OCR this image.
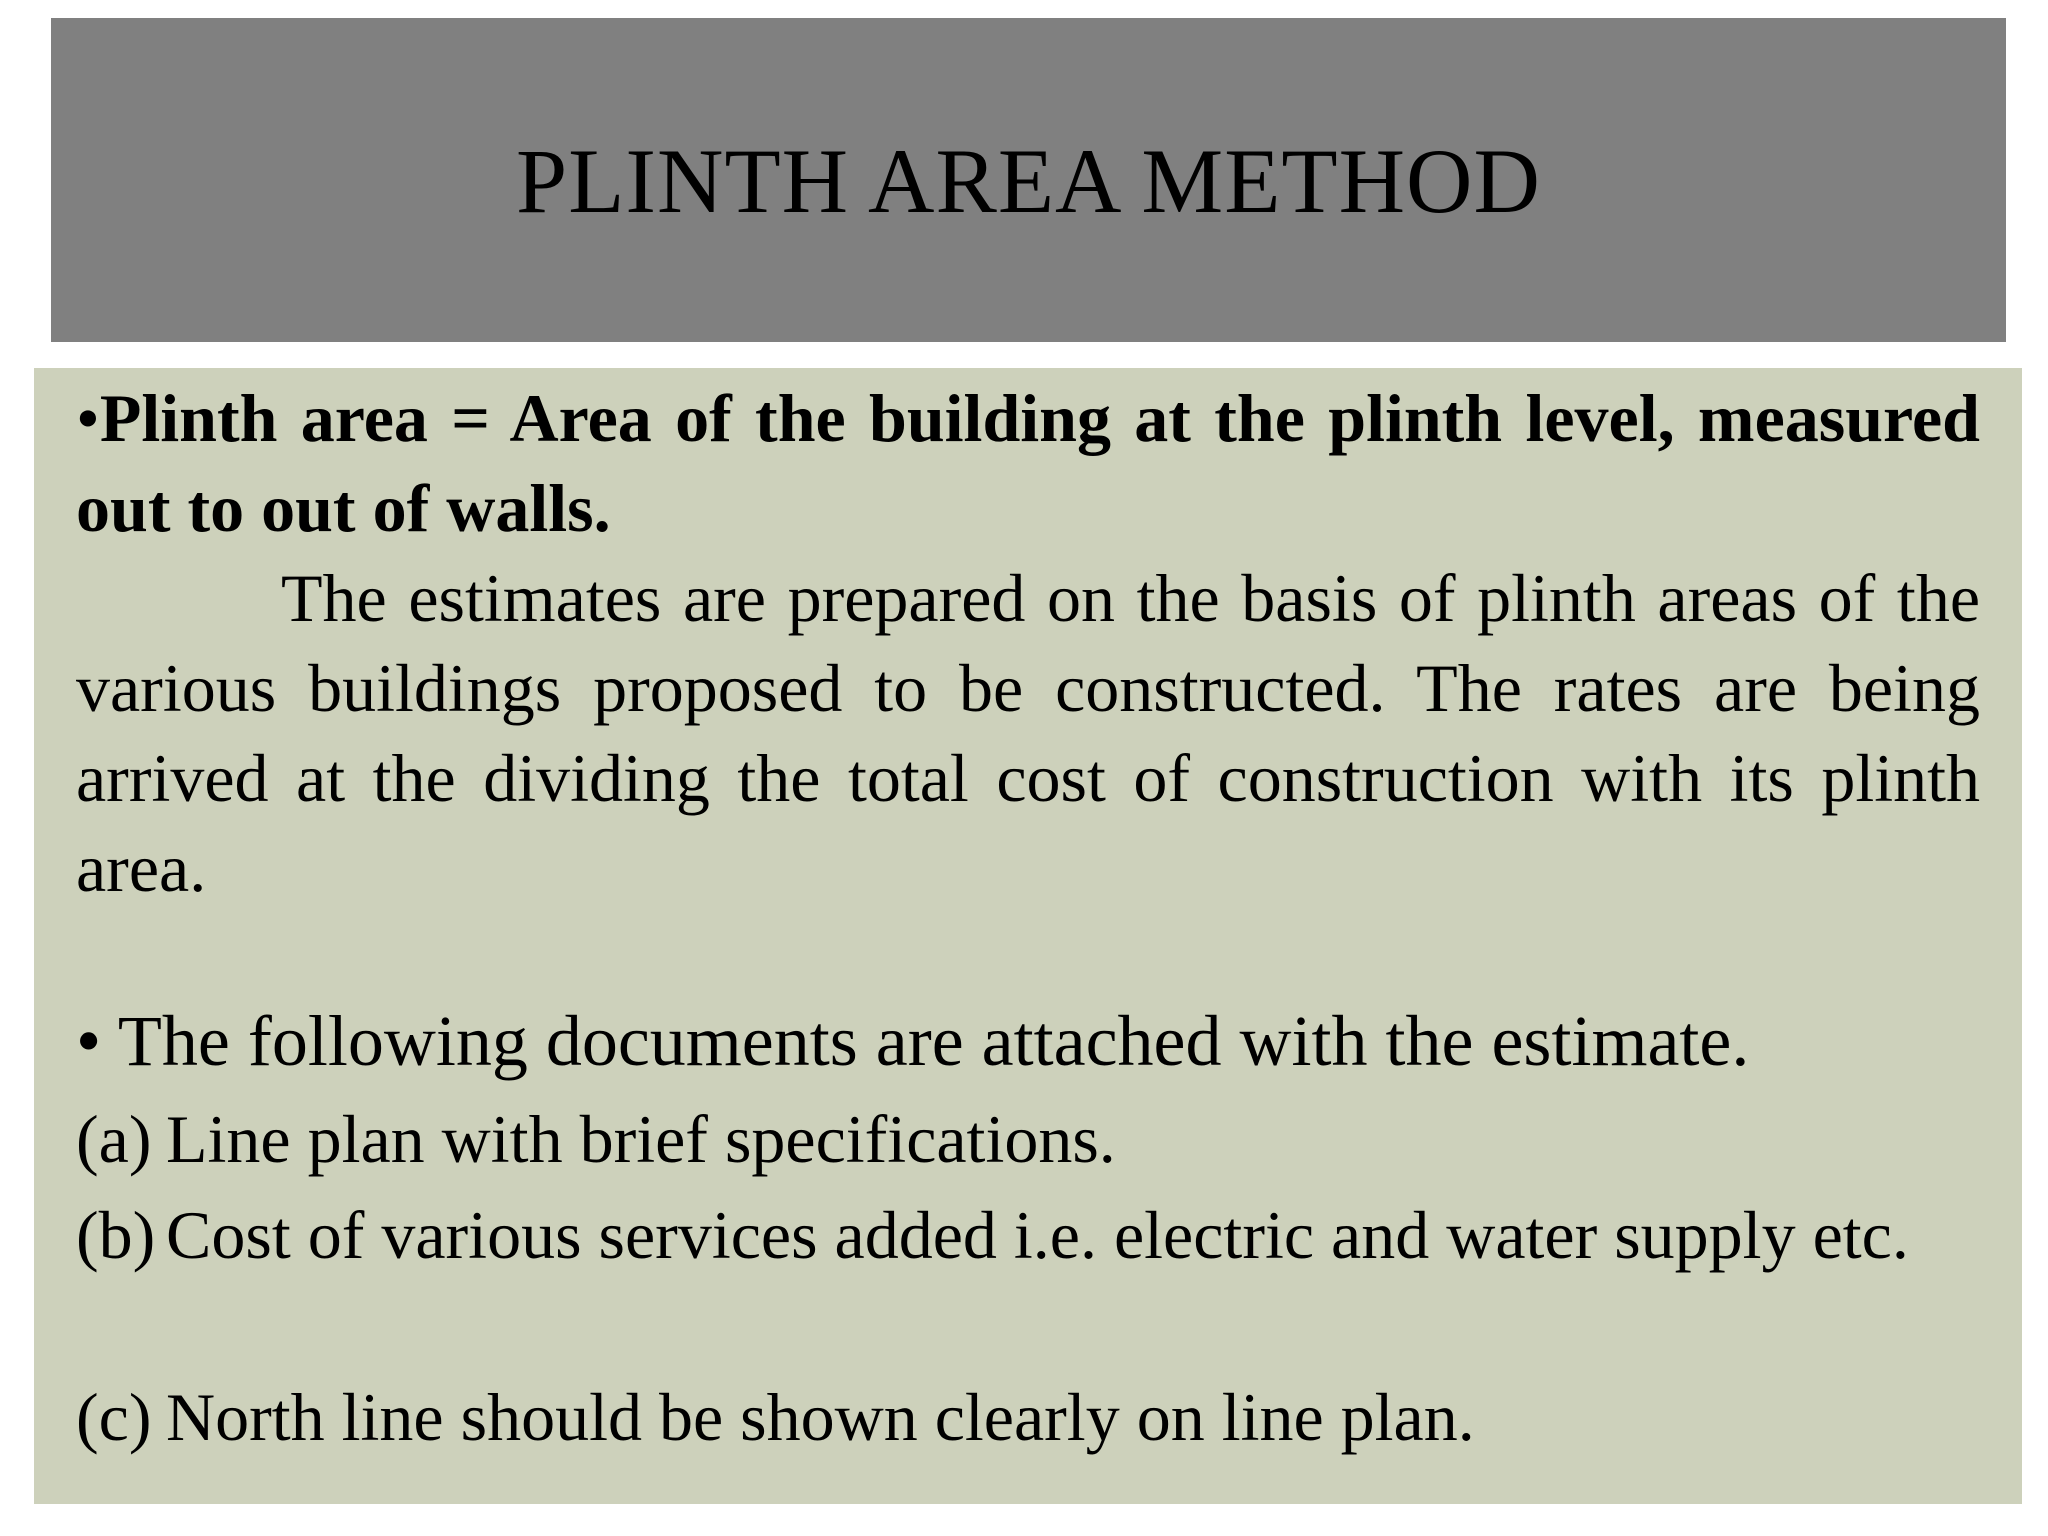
PLINTH AREA METHOD

•Plinth area = Area of the building at the plinth level, measured out to out of walls.
The estimates are prepared on the basis of plinth areas of the various buildings proposed to be constructed. The rates are being arrived at the dividing the total cost of construction with its plinth area.

• The following documents are attached with the estimate.

(a) Line plan with brief specifications.
(b) Cost of various services added i.e. electric and water supply etc.
(c) North line should be shown clearly on line plan.
